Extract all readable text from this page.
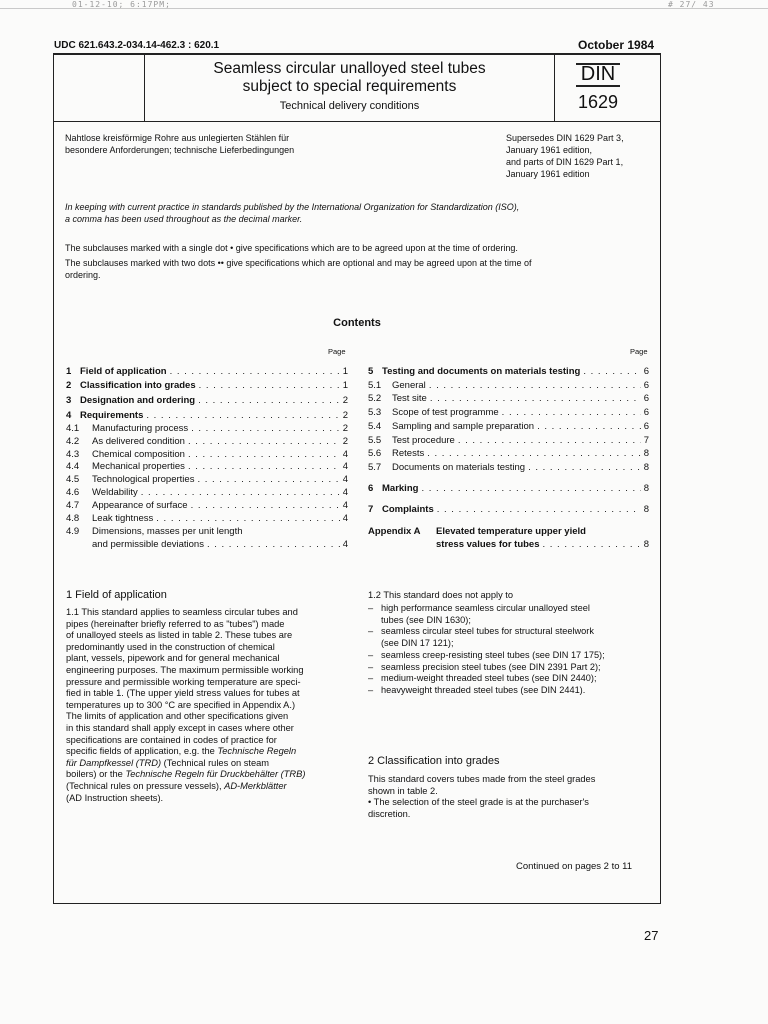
01-12-10; 6:17PM;	# 27/ 43
UDC 621.643.2-034.14-462.3 : 620.1	October 1984
Seamless circular unalloyed steel tubes
subject to special requirements
Technical delivery conditions
DIN
1629
Nahtlose kreisförmige Rohre aus unlegierten Stählen für
besondere Anforderungen; technische Lieferbedingungen
Supersedes DIN 1629 Part 3,
January 1961 edition,
and parts of DIN 1629 Part 1,
January 1961 edition
In keeping with current practice in standards published by the International Organization for Standardization (ISO),
a comma has been used throughout as the decimal marker.
The subclauses marked with a single dot • give specifications which are to be agreed upon at the time of ordering.
The subclauses marked with two dots •• give specifications which are optional and may be agreed upon at the time of
ordering.
Contents
Page	Page
1 Field of application . . .	1
2 Classification into grades . . .	1
3 Designation and ordering . . .	2
4 Requirements . . .	2
4.1	Manufacturing process . . .	2
4.2	As delivered condition . . .	2
4.3	Chemical composition . . .	4
4.4	Mechanical properties . . .	4
4.5	Technological properties . . .	4
4.6	Weldability . . .	4
4.7	Appearance of surface . . .	4
4.8	Leak tightness . . .	4
4.9	Dimensions, masses per unit length
and permissible deviations . . .	4
5 Testing and documents on materials testing . . .	6
5.1	General . . .	6
5.2	Test site . . .	6
5.3	Scope of test programme . . .	6
5.4	Sampling and sample preparation . . .	6
5.5	Test procedure . . .	7
5.6	Retests . . .	8
5.7	Documents on materials testing . . .	8
6 Marking . . .	8
7 Complaints . . .	8
Appendix A	Elevated temperature upper yield
stress values for tubes . . .	8
1 Field of application
1.1 This standard applies to seamless circular tubes and
pipes (hereinafter briefly referred to as "tubes") made
of unalloyed steels as listed in table 2. These tubes are
predominantly used in the construction of chemical
plant, vessels, pipework and for general mechanical
engineering purposes. The maximum permissible working
pressure and permissible working temperature are speci-
fied in table 1. (The upper yield stress values for tubes at
temperatures up to 300 °C are specified in Appendix A.)
The limits of application and other specifications given
in this standard shall apply except in cases where other
specifications are contained in codes of practice for
specific fields of application, e.g. the Technische Regeln
für Dampfkessel (TRD) (Technical rules on steam
boilers) or the Technische Regeln für Druckbehälter (TRB)
(Technical rules on pressure vessels), AD-Merkblätter
(AD Instruction sheets).
1.2 This standard does not apply to
– high performance seamless circular unalloyed steel
tubes (see DIN 1630);
– seamless circular steel tubes for structural steelwork
(see DIN 17 121);
– seamless creep-resisting steel tubes (see DIN 17 175);
– seamless precision steel tubes (see DIN 2391 Part 2);
– medium-weight threaded steel tubes (see DIN 2440);
– heavyweight threaded steel tubes (see DIN 2441).
2 Classification into grades
This standard covers tubes made from the steel grades
shown in table 2.
• The selection of the steel grade is at the purchaser's
discretion.
Continued on pages 2 to 11
27
